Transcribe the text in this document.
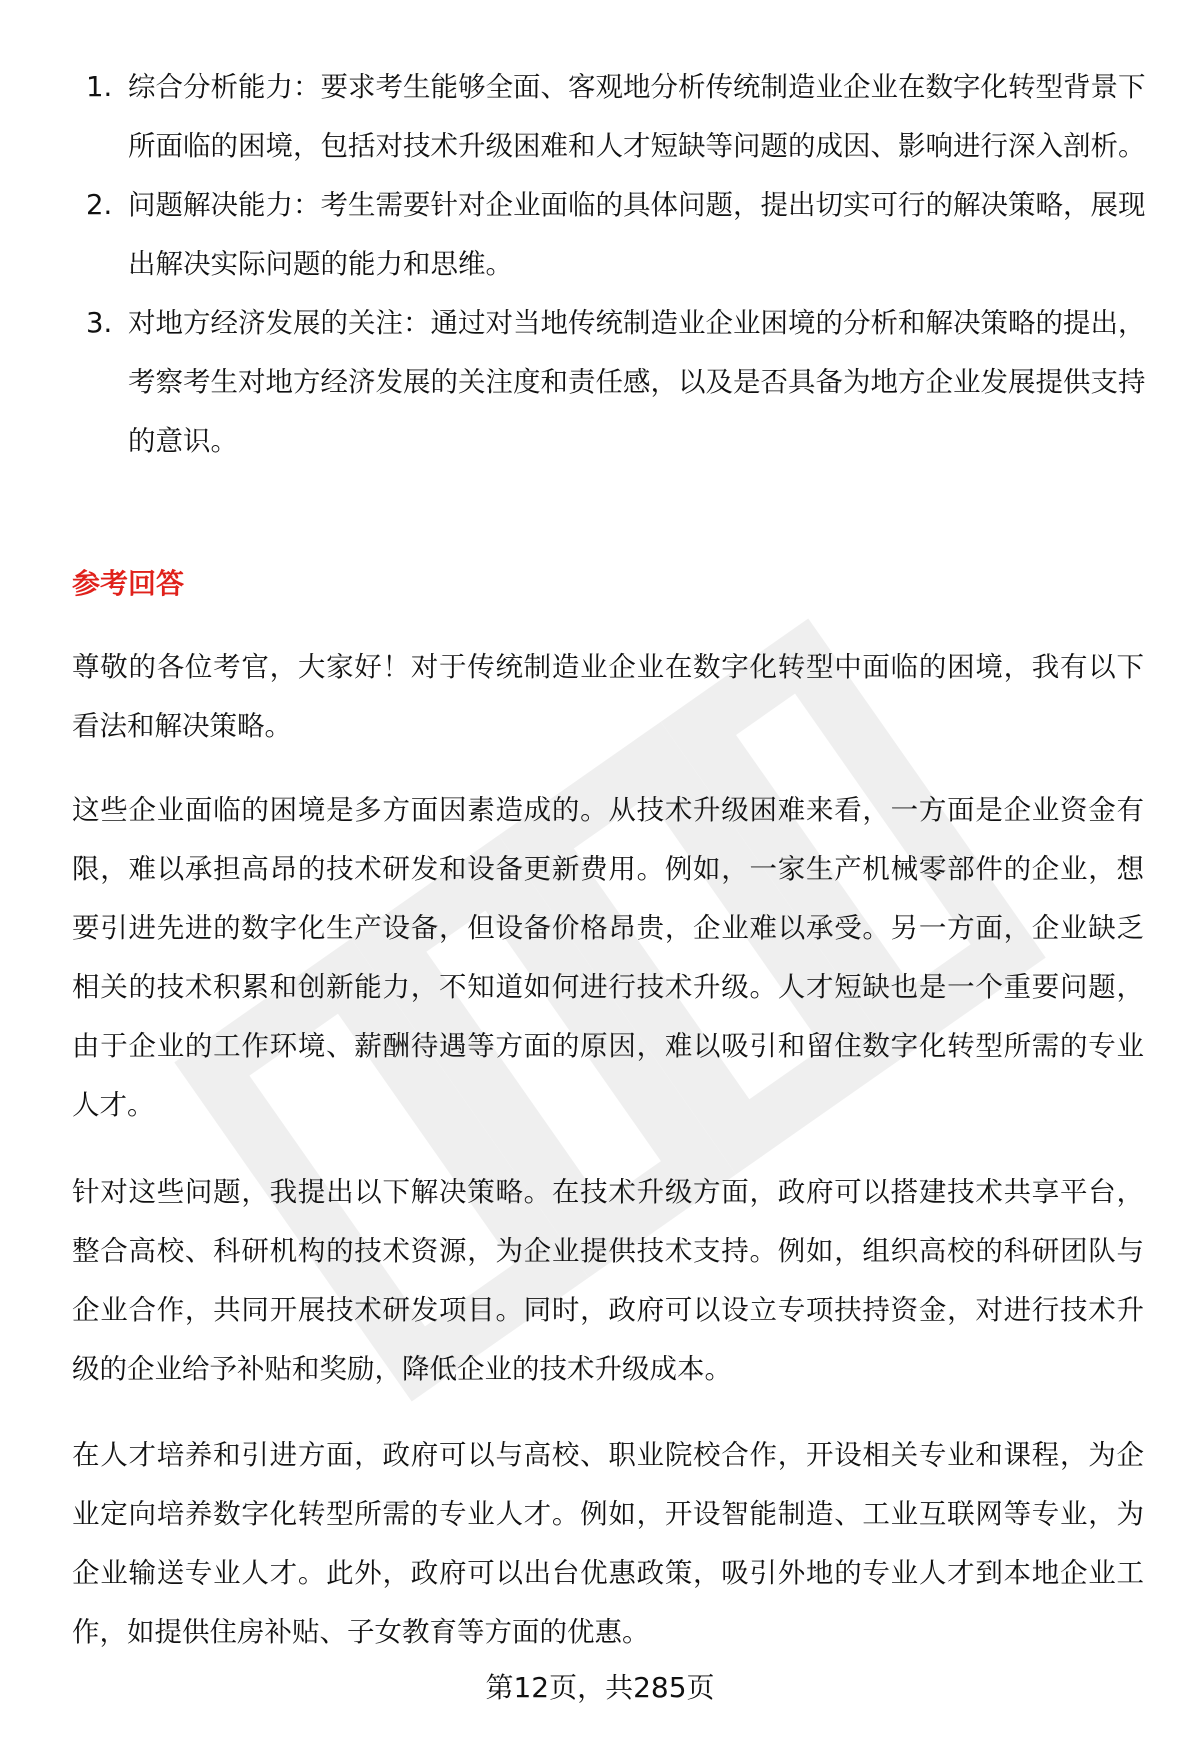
1. 综合分析能力：要求考生能够全面、客观地分析传统制造业企业在数字化转型背景下所面临的困境，包括对技术升级困难和人才短缺等问题的成因、影响进行深入剖析。
2. 问题解决能力：考生需要针对企业面临的具体问题，提出切实可行的解决策略，展现出解决实际问题的能力和思维。
3. 对地方经济发展的关注：通过对当地传统制造业企业困境的分析和解决策略的提出，考察考生对地方经济发展的关注度和责任感，以及是否具备为地方企业发展提供支持的意识。
参考回答

尊敬的各位考官，大家好！对于传统制造业企业在数字化转型中面临的困境，我有以下看法和解决策略。

这些企业面临的困境是多方面因素造成的。从技术升级困难来看，一方面是企业资金有限，难以承担高昂的技术研发和设备更新费用。例如，一家生产机械零部件的企业，想要引进先进的数字化生产设备，但设备价格昂贵，企业难以承受。另一方面，企业缺乏相关的技术积累和创新能力，不知道如何进行技术升级。人才短缺也是一个重要问题，由于企业的工作环境、薪酬待遇等方面的原因，难以吸引和留住数字化转型所需的专业人才。

针对这些问题，我提出以下解决策略。在技术升级方面，政府可以搭建技术共享平台，整合高校、科研机构的技术资源，为企业提供技术支持。例如，组织高校的科研团队与企业合作，共同开展技术研发项目。同时，政府可以设立专项扶持资金，对进行技术升级的企业给予补贴和奖励，降低企业的技术升级成本。

在人才培养和引进方面，政府可以与高校、职业院校合作，开设相关专业和课程，为企业定向培养数字化转型所需的专业人才。例如，开设智能制造、工业互联网等专业，为企业输送专业人才。此外，政府可以出台优惠政策，吸引外地的专业人才到本地企业工作，如提供住房补贴、子女教育等方面的优惠。

第12页，共285页
